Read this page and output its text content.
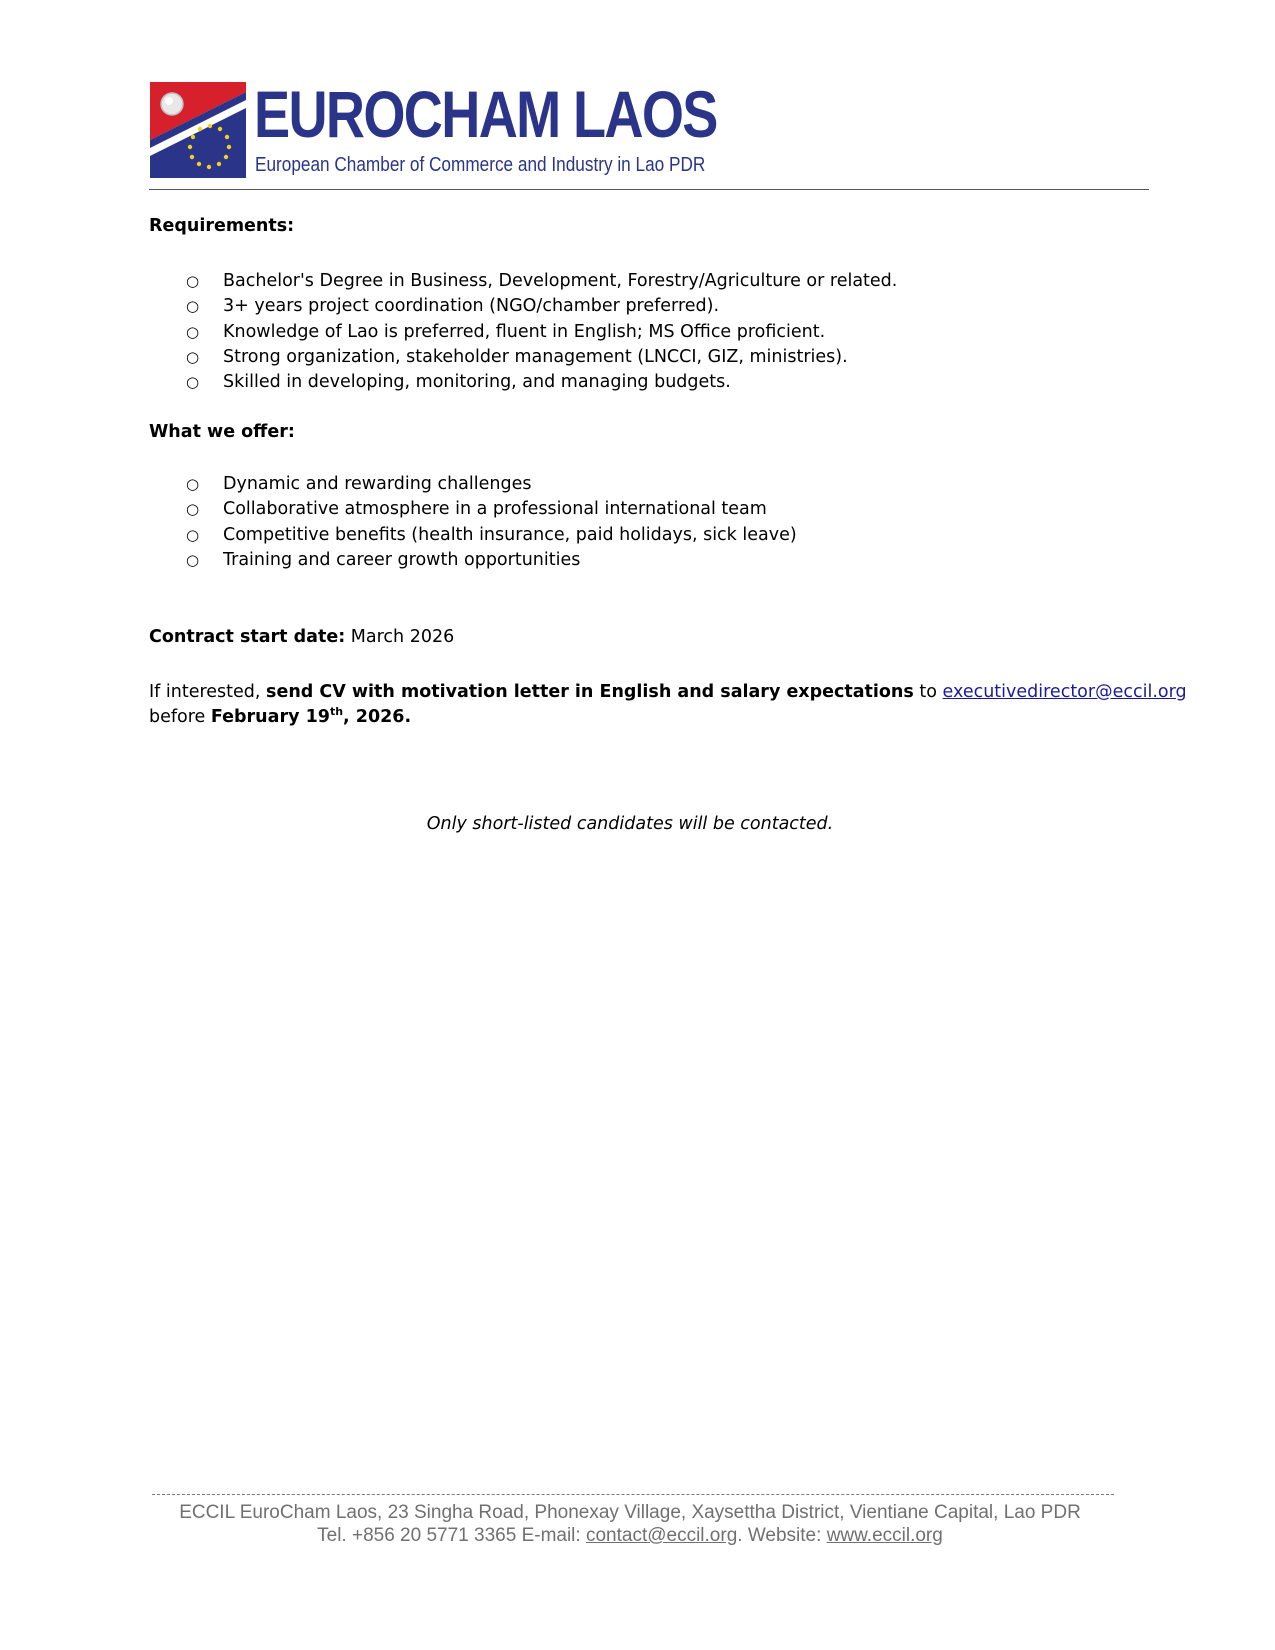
EUROCHAM LAOS
European Chamber of Commerce and Industry in Lao PDR
Requirements:
○ Bachelor's Degree in Business, Development, Forestry/Agriculture or related.
○ 3+ years project coordination (NGO/chamber preferred).
○ Knowledge of Lao is preferred, fluent in English; MS Office proficient.
○ Strong organization, stakeholder management (LNCCI, GIZ, ministries).
○ Skilled in developing, monitoring, and managing budgets.
What we offer:
○ Dynamic and rewarding challenges
○ Collaborative atmosphere in a professional international team
○ Competitive benefits (health insurance, paid holidays, sick leave)
○ Training and career growth opportunities
Contract start date: March 2026
If interested, send CV with motivation letter in English and salary expectations to executivedirector@eccil.org
before February 19th, 2026.
Only short-listed candidates will be contacted.
ECCIL EuroCham Laos, 23 Singha Road, Phonexay Village, Xaysettha District, Vientiane Capital, Lao PDR
Tel. +856 20 5771 3365 E-mail: contact@eccil.org. Website: www.eccil.org
